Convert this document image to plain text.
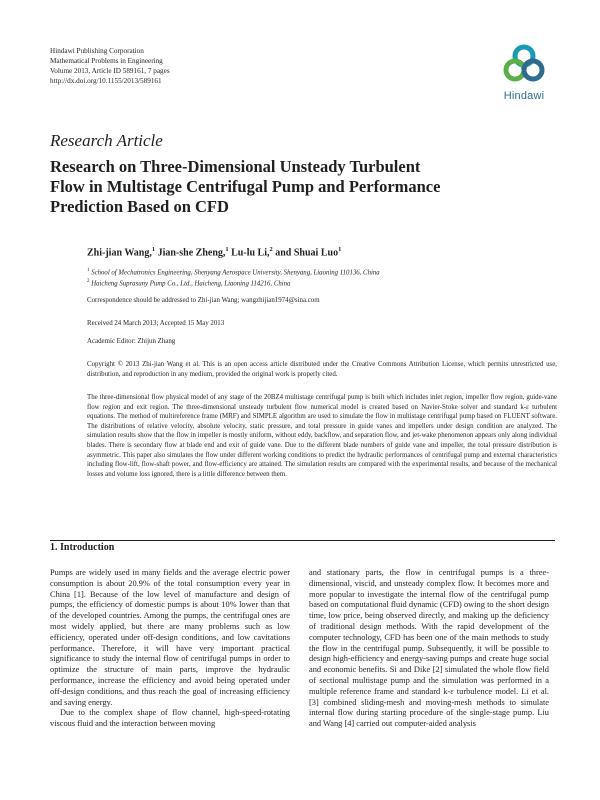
Hindawi Publishing Corporation
Mathematical Problems in Engineering
Volume 2013, Article ID 589161, 7 pages
http://dx.doi.org/10.1155/2013/589161
Hindawi
Research Article
Research on Three-Dimensional Unsteady Turbulent
Flow in Multistage Centrifugal Pump and Performance
Prediction Based on CFD
Zhi-jian Wang,$^1$ Jian-she Zheng,$^1$ Lu-lu Li,$^2$ and Shuai Luo$^1$
$^1$ School of Mechatronics Engineering, Shenyang Aerospace University, Shenyang, Liaoning 110136, China
$^2$ Haicheng Suprasuny Pump Co., Ltd., Haicheng, Liaoning 114216, China
Correspondence should be addressed to Zhi-jian Wang; wangzhijian1974@sina.com
Received 24 March 2013; Accepted 15 May 2013
Academic Editor: Zhijun Zhang
Copyright © 2013 Zhi-jian Wang et al. This is an open access article distributed under the Creative Commons Attribution License, which permits unrestricted use, distribution, and reproduction in any medium, provided the original work is properly cited.
The three-dimensional flow physical model of any stage of the 20BZ4 multistage centrifugal pump is built which includes inlet region, impeller flow region, guide-vane flow region and exit region. The three-dimensional unsteady turbulent flow numerical model is created based on Navier-Stoke solver and standard k-ε turbulent equations. The method of multireference frame (MRF) and SIMPLE algorithm are used to simulate the flow in multistage centrifugal pump based on FLUENT software. The distributions of relative velocity, absolute velocity, static pressure, and total pressure in guide vanes and impellers under design condition are analyzed. The simulation results show that the flow in impeller is mostly uniform, without eddy, backflow, and separation flow, and jet-wake phenomenon appears only along individual blades. There is secondary flow at blade end and exit of guide vane. Due to the different blade numbers of guide vane and impeller, the total pressure distribution is asymmetric. This paper also simulates the flow under different working conditions to predict the hydraulic performances of centrifugal pump and external characteristics including flow-lift, flow-shaft power, and flow-efficiency are attained. The simulation results are compared with the experimental results, and because of the mechanical losses and volume loss ignored, there is a little difference between them.
1. Introduction

Pumps are widely used in many fields and the average electric power consumption is about 20.9% of the total consumption every year in China [1]. Because of the low level of manufacture and design of pumps, the efficiency of domestic pumps is about 10% lower than that of the developed countries. Among the pumps, the centrifugal ones are most widely applied, but there are many problems such as low efficiency, operated under off-design conditions, and low cavitations performance. Therefore, it will have very important practical significance to study the internal flow of centrifugal pumps in order to optimize the structure of main parts, improve the hydraulic performance, increase the efficiency and avoid being operated under off-design conditions, and thus reach the goal of increasing efficiency and saving energy.

Due to the complex shape of flow channel, high-speed-rotating viscous fluid and the interaction between moving

and stationary parts, the flow in centrifugal pumps is a three-dimensional, viscid, and unsteady complex flow. It becomes more and more popular to investigate the internal flow of the centrifugal pump based on computational fluid dynamic (CFD) owing to the short design time, low price, being observed directly, and making up the deficiency of traditional design methods. With the rapid development of the computer technology, CFD has been one of the main methods to study the flow in the centrifugal pump. Subsequently, it will be possible to design high-efficiency and energy-saving pumps and create huge social and economic benefits. Si and Dike [2] simulated the whole flow field of sectional multistage pump and the simulation was performed in a multiple reference frame and standard k-ε turbulence model. Li et al. [3] combined sliding-mesh and moving-mesh methods to simulate internal flow during starting procedure of the single-stage pump. Liu and Wang [4] carried out computer-aided analysis
